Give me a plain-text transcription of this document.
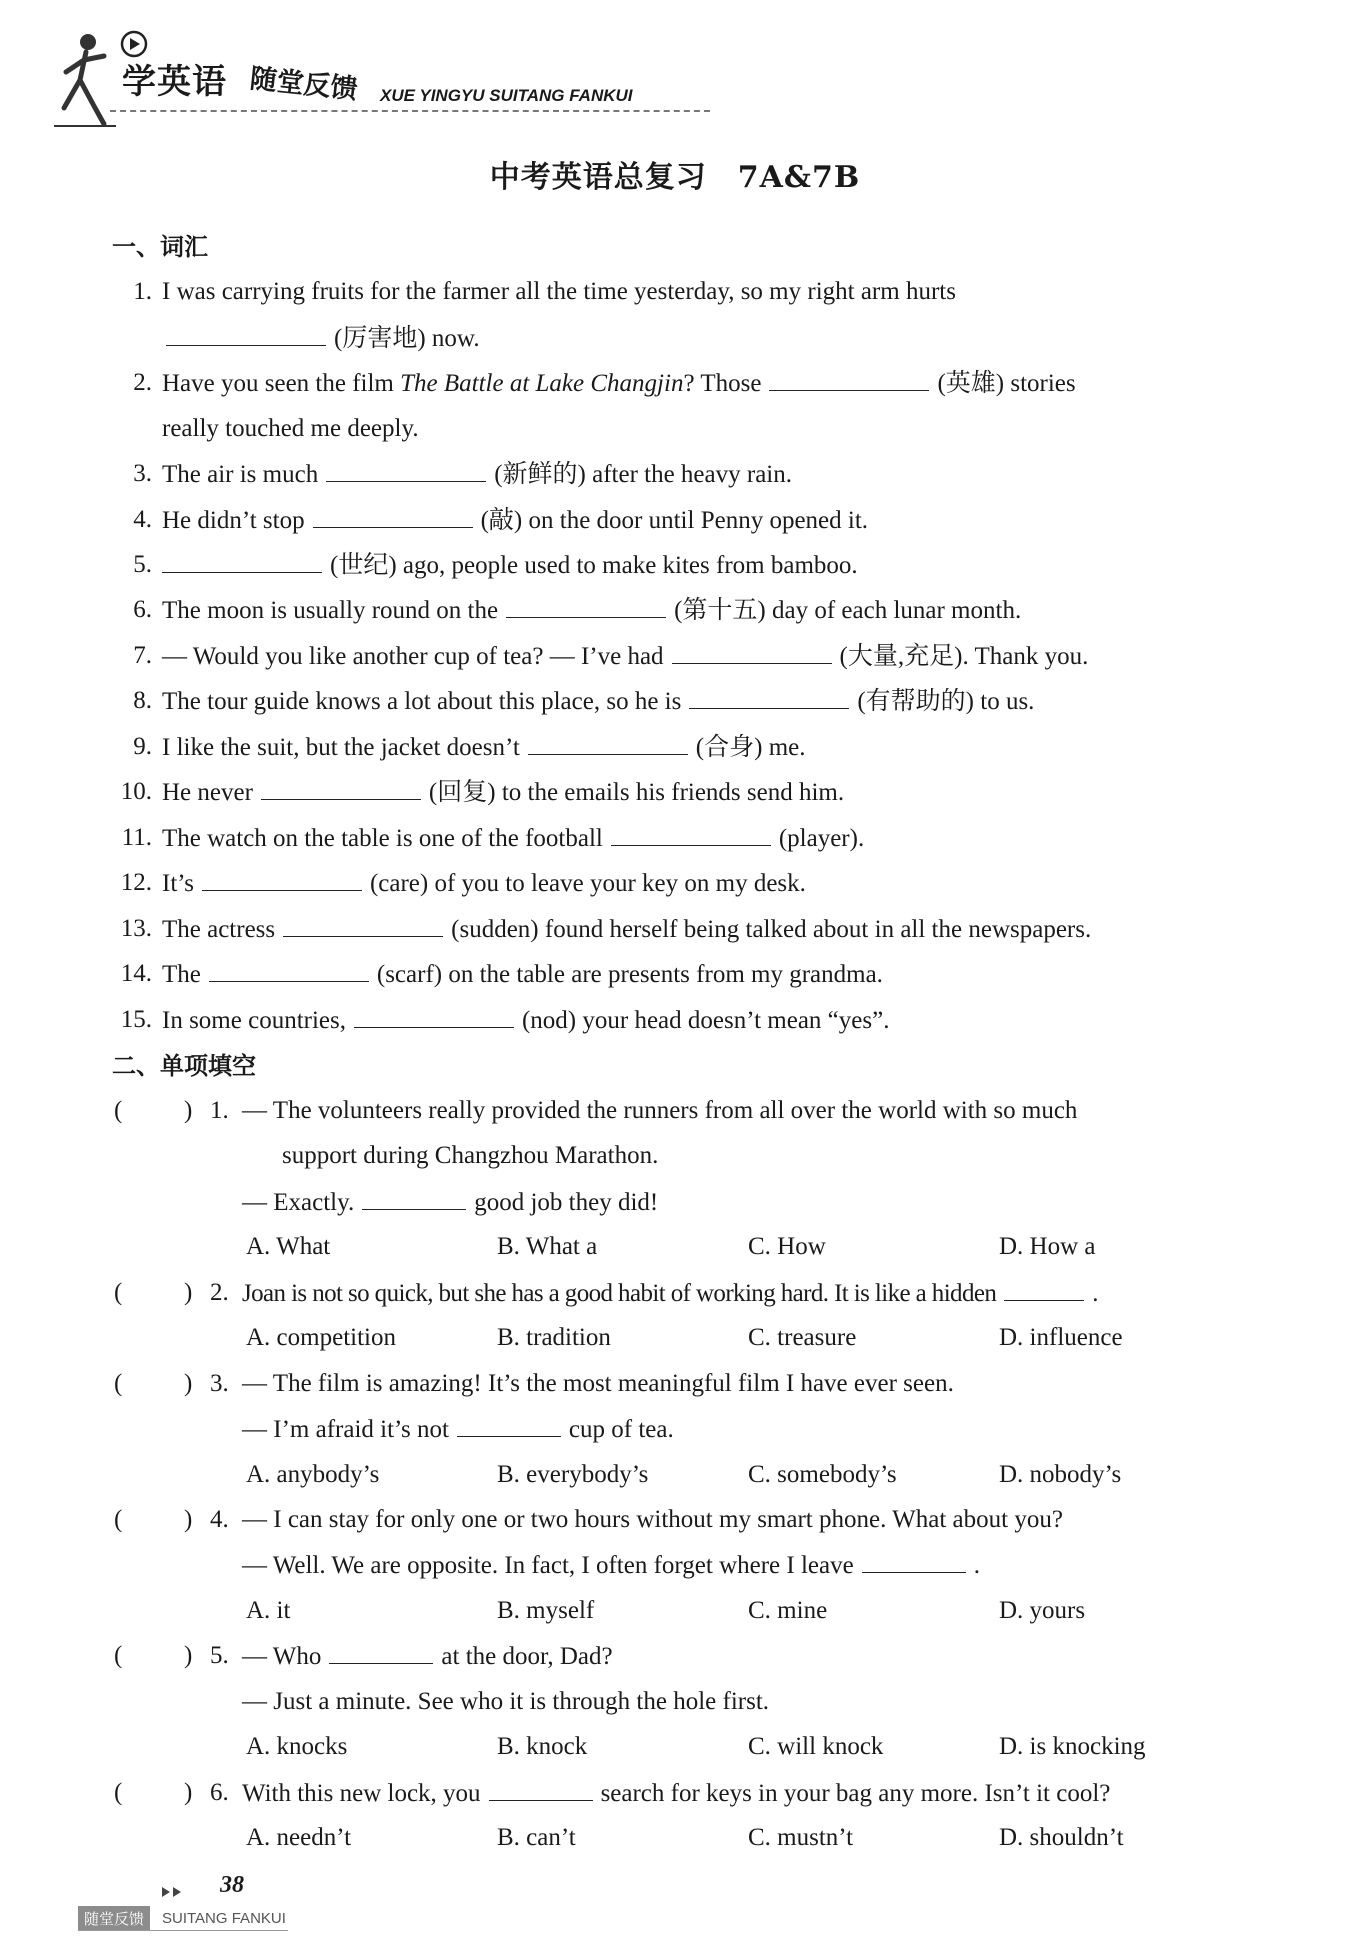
学英语 随堂反馈 XUE YINGYU SUITANG FANKUI
中考英语总复习　7A&7B
一、词汇
1. I was carrying fruits for the farmer all the time yesterday, so my right arm hurts
(厉害地) now.
2. Have you seen the film The Battle at Lake Changjin? Those	(英雄) stories
really touched me deeply.
3. The air is much	(新鲜的) after the heavy rain.
4. He didn’t stop	(敲) on the door until Penny opened it.
5.	(世纪) ago, people used to make kites from bamboo.
6. The moon is usually round on the	(第十五) day of each lunar month.
7. — Would you like another cup of tea? — I’ve had	(大量,充足). Thank you.
8. The tour guide knows a lot about this place, so he is	(有帮助的) to us.
9. I like the suit, but the jacket doesn’t	(合身) me.
10. He never	(回复) to the emails his friends send him.
11. The watch on the table is one of the football	(player).
12. It’s	(care) of you to leave your key on my desk.
13. The actress	(sudden) found herself being talked about in all the newspapers.
14. The	(scarf) on the table are presents from my grandma.
15. In some countries,	(nod) your head doesn’t mean “yes”.
二、单项填空
( ) 1. — The volunteers really provided the runners from all over the world with so much
support during Changzhou Marathon.
— Exactly.	good job they did!
A. What	B. What a	C. How	D. How a
( ) 2. Joan is not so quick, but she has a good habit of working hard. It is like a hidden	.
A. competition	B. tradition	C. treasure	D. influence
( ) 3. — The film is amazing! It’s the most meaningful film I have ever seen.
— I’m afraid it’s not	cup of tea.
A. anybody’s	B. everybody’s	C. somebody’s	D. nobody’s
( ) 4. — I can stay for only one or two hours without my smart phone. What about you?
— Well. We are opposite. In fact, I often forget where I leave	.
A. it	B. myself	C. mine	D. yours
( ) 5. — Who	at the door, Dad?
— Just a minute. See who it is through the hole first.
A. knocks	B. knock	C. will knock	D. is knocking
( ) 6. With this new lock, you	search for keys in your bag any more. Isn’t it cool?
A. needn’t	B. can’t	C. mustn’t	D. shouldn’t
38
随堂反馈	SUITANG FANKUI
